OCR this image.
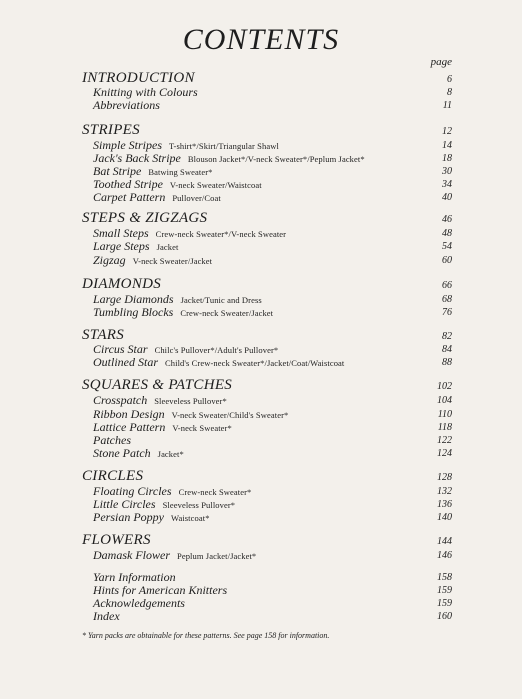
CONTENTS
page
INTRODUCTION	6
Knitting with Colours	8
Abbreviations	11
STRIPES	12
Simple Stripes T-shirt*/Skirt/Triangular Shawl	14
Jack's Back Stripe Blouson Jacket*/V-neck Sweater*/Peplum Jacket*	18
Bat Stripe Batwing Sweater*	30
Toothed Stripe V-neck Sweater/Waistcoat	34
Carpet Pattern Pullover/Coat	40
STEPS & ZIGZAGS	46
Small Steps Crew-neck Sweater*/V-neck Sweater	48
Large Steps Jacket	54
Zigzag V-neck Sweater/Jacket	60
DIAMONDS	66
Large Diamonds Jacket/Tunic and Dress	68
Tumbling Blocks Crew-neck Sweater/Jacket	76
STARS	82
Circus Star Chilc's Pullover*/Adult's Pullover*	84
Outlined Star Child's Crew-neck Sweater*/Jacket/Coat/Waistcoat	88
SQUARES & PATCHES	102
Crosspatch Sleeveless Pullover*	104
Ribbon Design V-neck Sweater/Child's Sweater*	110
Lattice Pattern V-neck Sweater*	118
Patches	122
Stone Patch Jacket*	124
CIRCLES	128
Floating Circles Crew-neck Sweater*	132
Little Circles Sleeveless Pullover*	136
Persian Poppy Waistcoat*	140
FLOWERS	144
Damask Flower Peplum Jacket/Jacket*	146
Yarn Information	158
Hints for American Knitters	159
Acknowledgements	159
Index	160
* Yarn packs are obtainable for these patterns. See page 158 for information.
